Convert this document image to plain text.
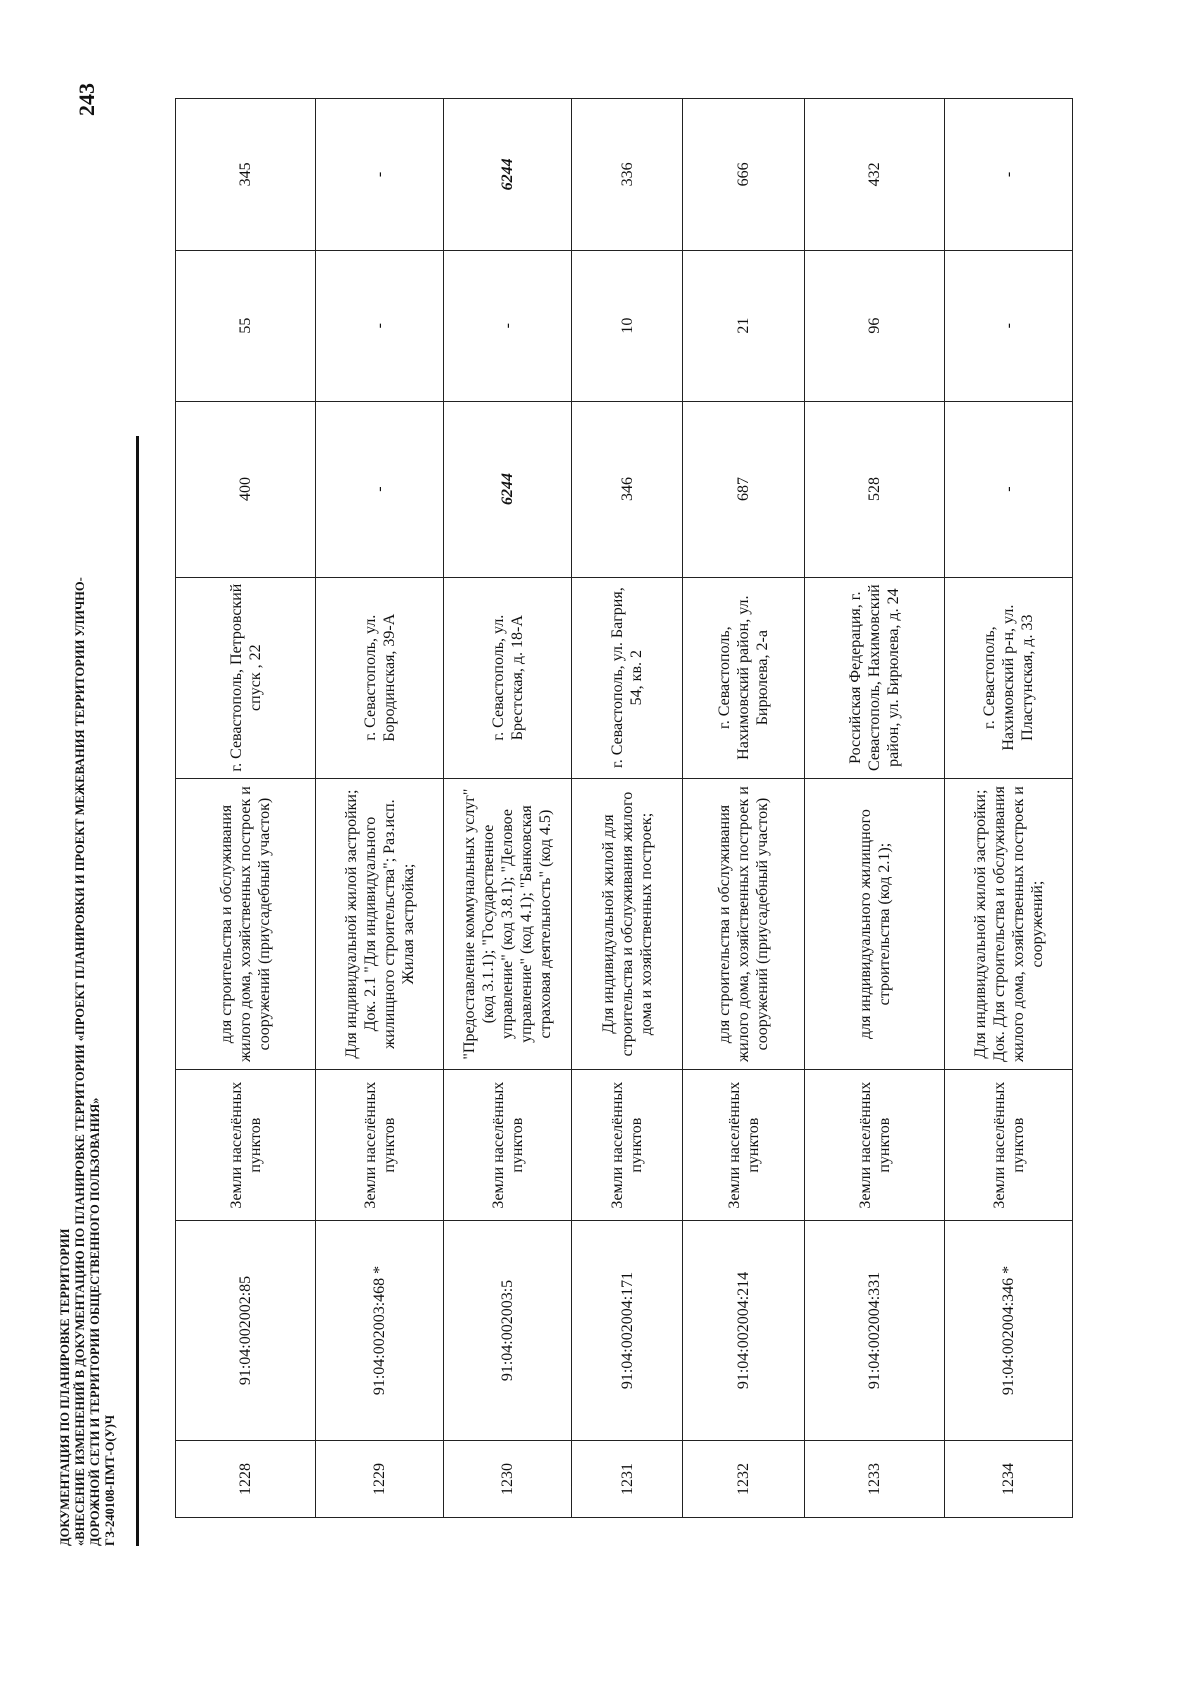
243
ДОКУМЕНТАЦИЯ ПО ПЛАНИРОВКЕ ТЕРРИТОРИИ «ВНЕСЕНИЕ ИЗМЕНЕНИЙ В ДОКУМЕНТАЦИЮ ПО ПЛАНИРОВКЕ ТЕРРИТОРИИ «ПРОЕКТ ПЛАНИРОВКИ И ПРОЕКТ МЕЖЕВАНИЯ ТЕРРИТОРИИ УЛИЧНО- ДОРОЖНОЙ СЕТИ И ТЕРРИТОРИИ ОБЩЕСТВЕННОГО ПОЛЬЗОВАНИЯ» ГЗ-240108-ПМТ-О(У)Ч	1228	91:04:002002:85	Земли населённых пунктов	для строительства и обслуживания жилого дома, хозяйственных построек и сооружений (приусадебный участок)	г. Севастополь, Петровский спуск , 22	400	55	345
1229	91:04:002003:468 *	Земли населённых пунктов	Для индивидуальной жилой застройки; Док. 2.1 "Для индивидуального жилищного строительства"; Раз.исп. Жилая застройка;	г. Севастополь, ул. Бородинская, 39-А	-	-	-
1230	91:04:002003:5	Земли населённых пунктов	"Предоставление коммунальных услуг" (код 3.1.1); "Государственное управление" (код 3.8.1); "Деловое управление" (код 4.1); "Банковская страховая деятельность" (код 4.5)	г. Севастополь, ул. Брестская, д. 18-А	6244	-	6244
1231	91:04:002004:171	Земли населённых пунктов	Для индивидуальной жилой для строительства и обслуживания жилого дома и хозяйственных построек;	г. Севастополь, ул. Багрия, 54, кв. 2	346	10	336
1232	91:04:002004:214	Земли населённых пунктов	для строительства и обслуживания жилого дома, хозяйственных построек и сооружений (приусадебный участок)	г. Севастополь, Нахимовский район, ул. Бирюлева, 2-а	687	21	666
1233	91:04:002004:331	Земли населённых пунктов	для индивидуального жилищного строительства (код 2.1);	Российская Федерация, г. Севастополь, Нахимовский район, ул. Бирюлева, д. 24	528	96	432
1234	91:04:002004:346 *	Земли населённых пунктов	Для индивидуальной жилой застройки; Док. Для строительства и обслуживания жилого дома, хозяйственных построек и сооружений;	г. Севастополь, Нахимовский р-н, ул. Пластунская, д. 33	-	-	-
